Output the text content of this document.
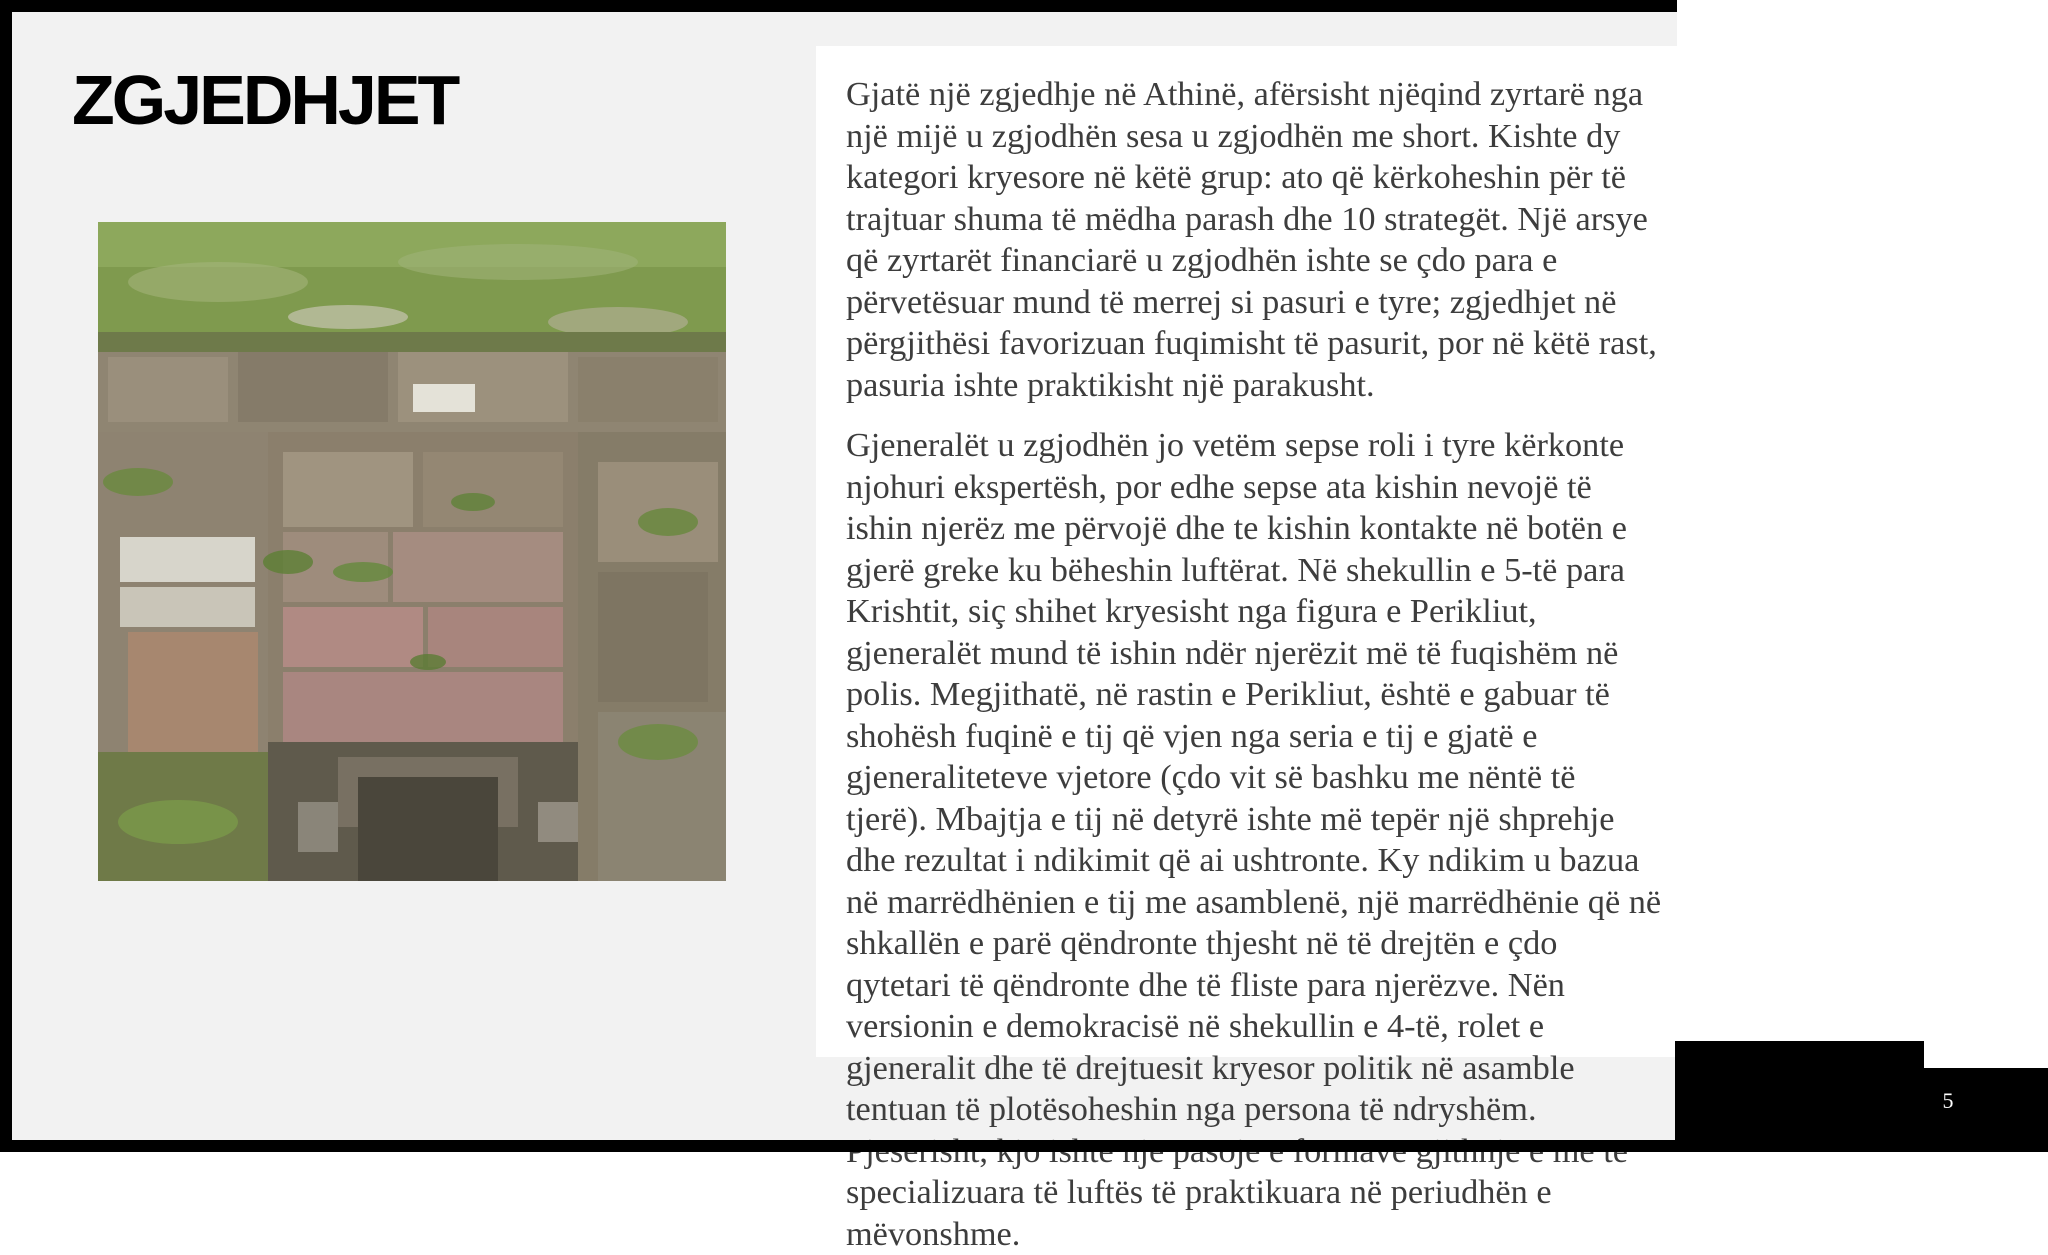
ZGJEDHJET	Gjatë një zgjedhje në Athinë, afërsisht njëqind zyrtarë nga një mijë u zgjodhën sesa u zgjodhën me short. Kishte dy kategori kryesore në këtë grup: ato që kërkoheshin për të trajtuar shuma të mëdha parash dhe 10 strategët. Një arsye që zyrtarët financiarë u zgjodhën ishte se çdo para e përvetësuar mund të merrej si pasuri e tyre; zgjedhjet në përgjithësi favorizuan fuqimisht të pasurit, por në këtë rast, pasuria ishte praktikisht një parakusht.

Gjeneralët u zgjodhën jo vetëm sepse roli i tyre kërkonte njohuri ekspertësh, por edhe sepse ata kishin nevojë të ishin njerëz me përvojë dhe te kishin kontakte në botën e gjerë greke ku bëheshin luftërat. Në shekullin e 5-të para Krishtit, siç shihet kryesisht nga figura e Perikliut, gjeneralët mund të ishin ndër njerëzit më të fuqishëm në polis. Megjithatë, në rastin e Perikliut, është e gabuar të shohësh fuqinë e tij që vjen nga seria e tij e gjatë e gjeneraliteteve vjetore (çdo vit së bashku me nëntë të tjerë). Mbajtja e tij në detyrë ishte më tepër një shprehje dhe rezultat i ndikimit që ai ushtronte. Ky ndikim u bazua në marrëdhënien e tij me asamblenë, një marrëdhënie që në shkallën e parë qëndronte thjesht në të drejtën e çdo qytetari të qëndronte dhe të fliste para njerëzve. Nën versionin e demokracisë në shekullin e 4-të, rolet e gjeneralit dhe të drejtuesit kryesor politik në asamble tentuan të plotësoheshin nga persona të ndryshëm. specializuara të luftës të praktikuara në periudhën e mëvonshme.

5
